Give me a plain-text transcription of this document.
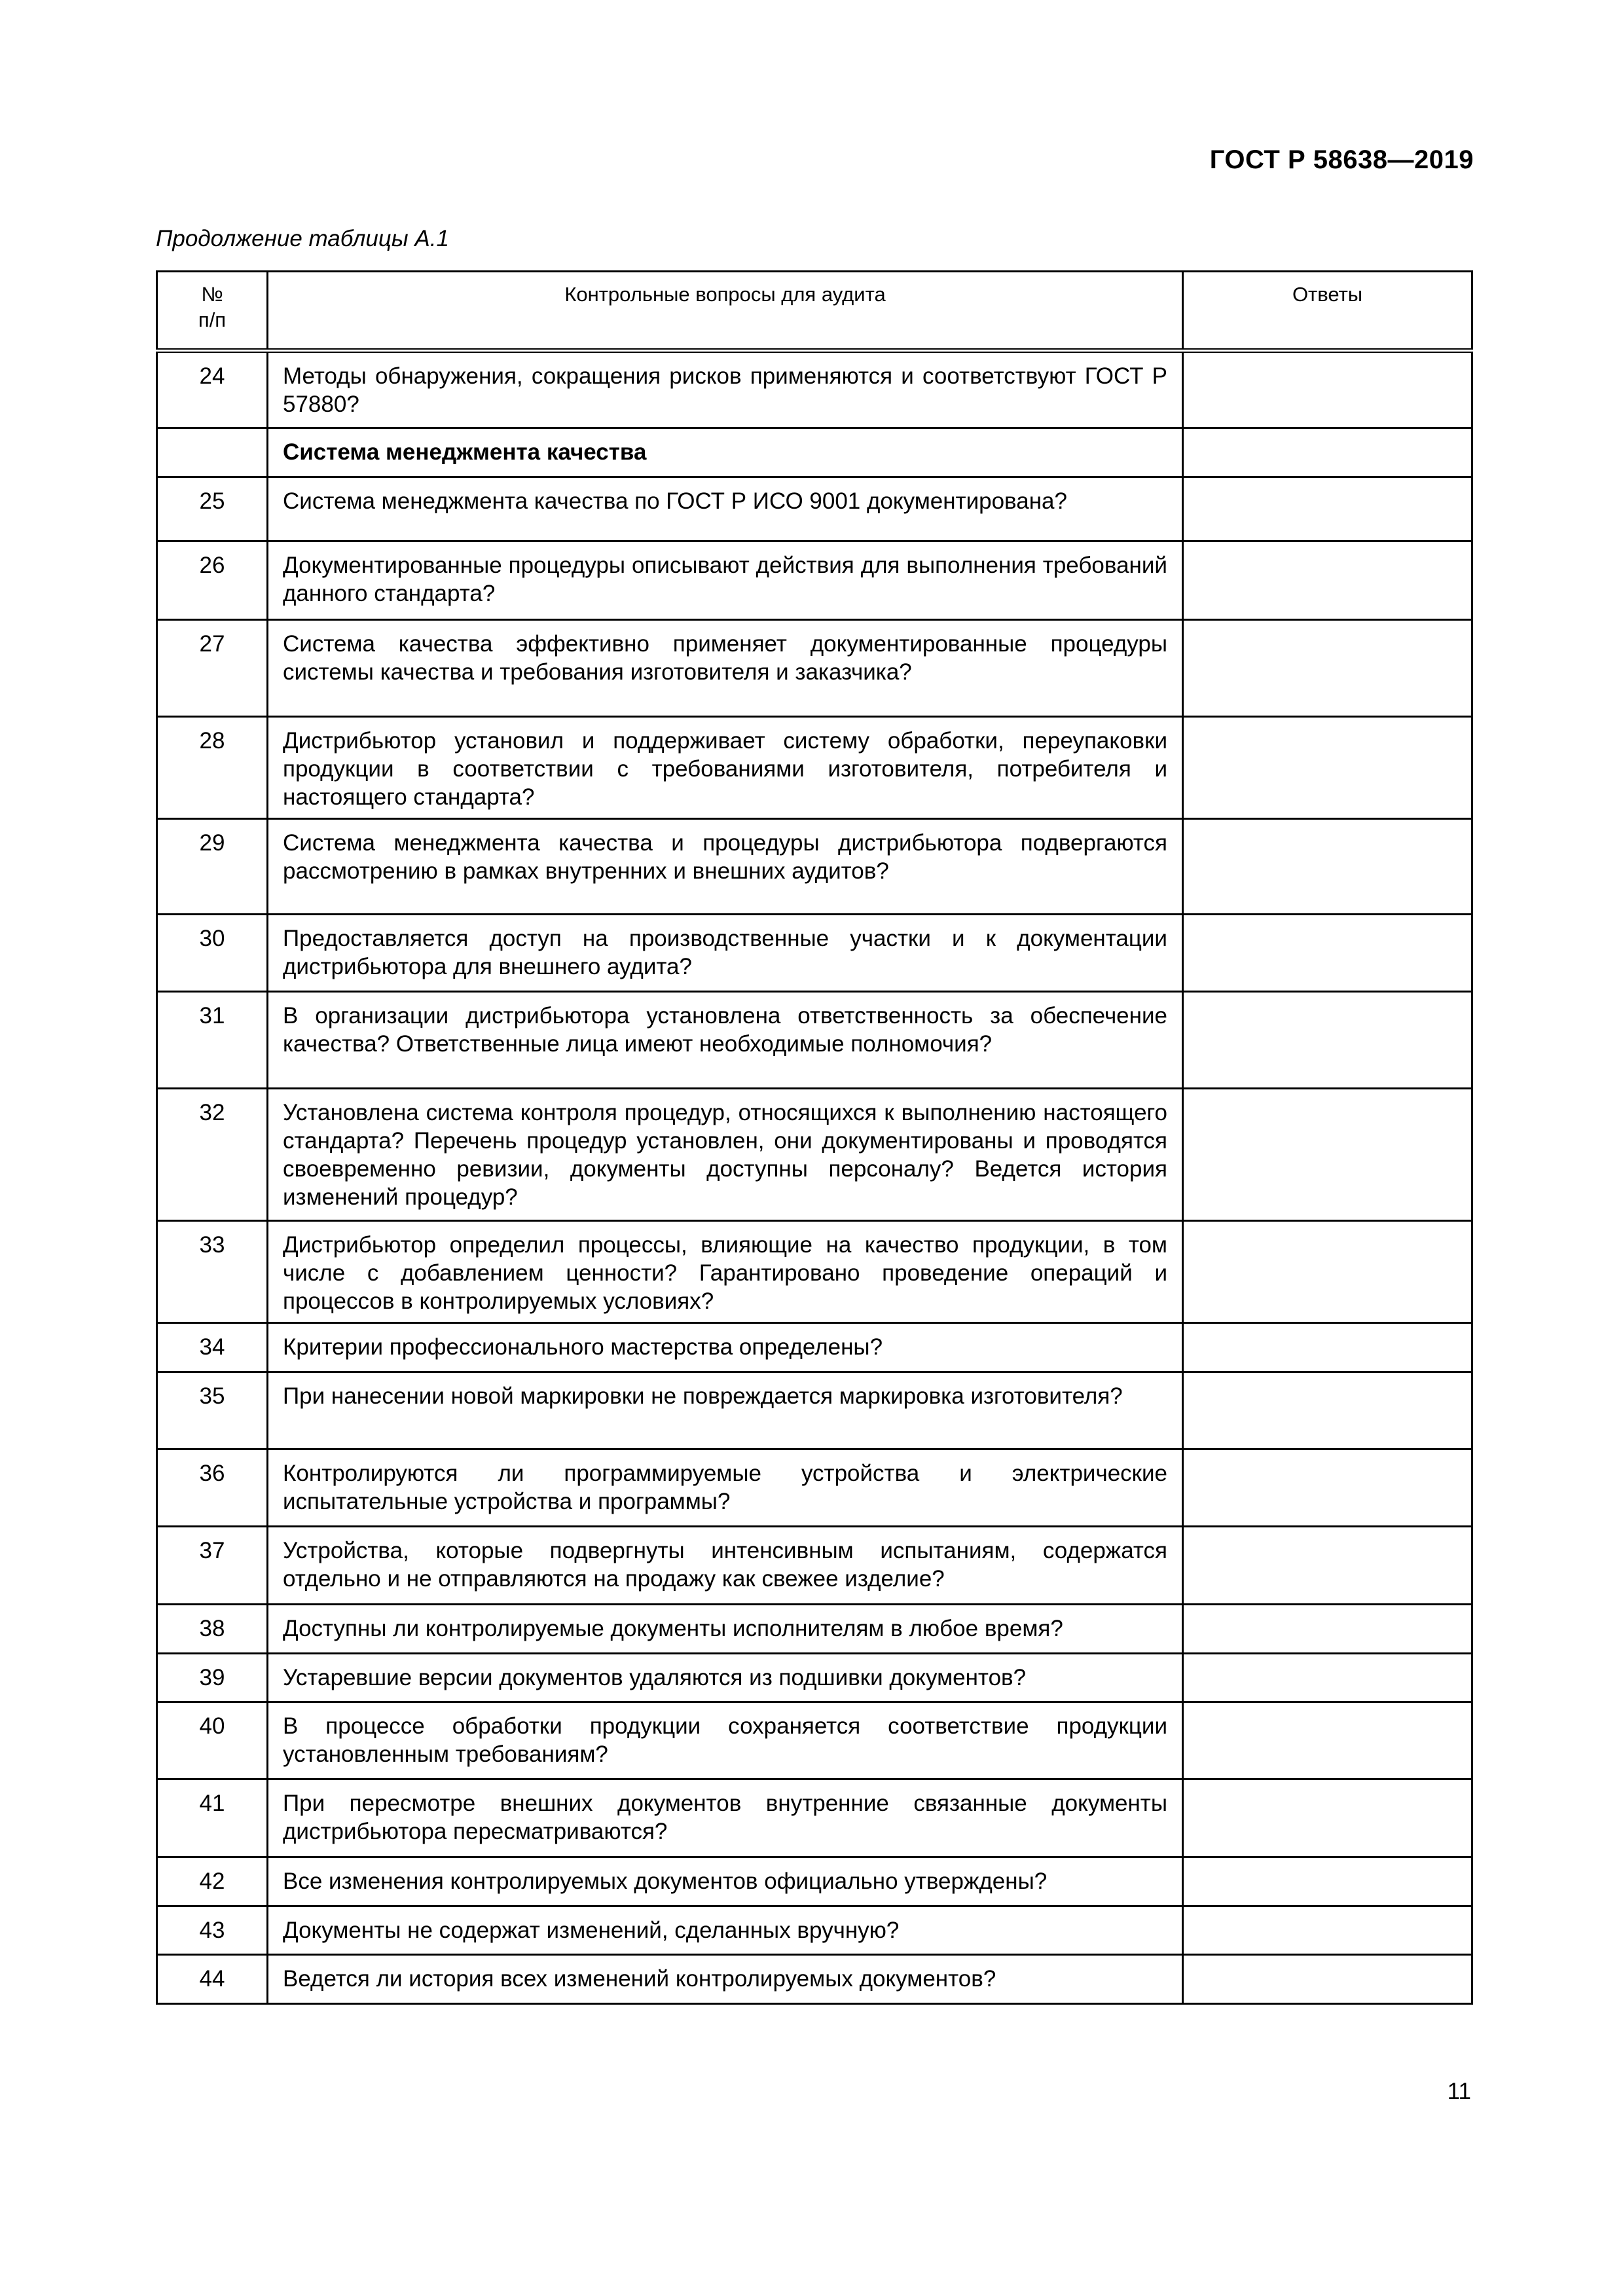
ГОСТ Р 58638—2019
Продолжение таблицы А.1
№
п/п	Контрольные вопросы для аудита	Ответы
24	Методы обнаружения, сокращения рисков применяются и соответствуют ГОСТ Р 57880?	
	Система менеджмента качества	
25	Система менеджмента качества по ГОСТ Р ИСО 9001 документирована?	
26	Документированные процедуры описывают действия для выполнения требований данного стандарта?	
27	Система качества эффективно применяет документированные процедуры системы качества и требования изготовителя и заказчика?	
28	Дистрибьютор установил и поддерживает систему обработки, переупаковки продукции в соответствии с требованиями изготовителя, потребителя и настоящего стандарта?	
29	Система менеджмента качества и процедуры дистрибьютора подвергаются рассмотрению в рамках внутренних и внешних аудитов?	
30	Предоставляется доступ на производственные участки и к документации дистрибьютора для внешнего аудита?	
31	В организации дистрибьютора установлена ответственность за обеспечение качества? Ответственные лица имеют необходимые полномочия?	
32	Установлена система контроля процедур, относящихся к выполнению настоящего стандарта? Перечень процедур установлен, они документированы и проводятся своевременно ревизии, документы доступны персоналу? Ведется история изменений процедур?	
33	Дистрибьютор определил процессы, влияющие на качество продукции, в том числе с добавлением ценности? Гарантировано проведение операций и процессов в контролируемых условиях?	
34	Критерии профессионального мастерства определены?	
35	При нанесении новой маркировки не повреждается маркировка изготовителя?	
36	Контролируются ли программируемые устройства и электрические испытательные устройства и программы?	
37	Устройства, которые подвергнуты интенсивным испытаниям, содержатся отдельно и не отправляются на продажу как свежее изделие?	
38	Доступны ли контролируемые документы исполнителям в любое время?	
39	Устаревшие версии документов удаляются из подшивки документов?	
40	В процессе обработки продукции сохраняется соответствие продукции установленным требованиям?	
41	При пересмотре внешних документов внутренние связанные документы дистрибьютора пересматриваются?	
42	Все изменения контролируемых документов официально утверждены?	
43	Документы не содержат изменений, сделанных вручную?	
44	Ведется ли история всех изменений контролируемых документов?	
11
